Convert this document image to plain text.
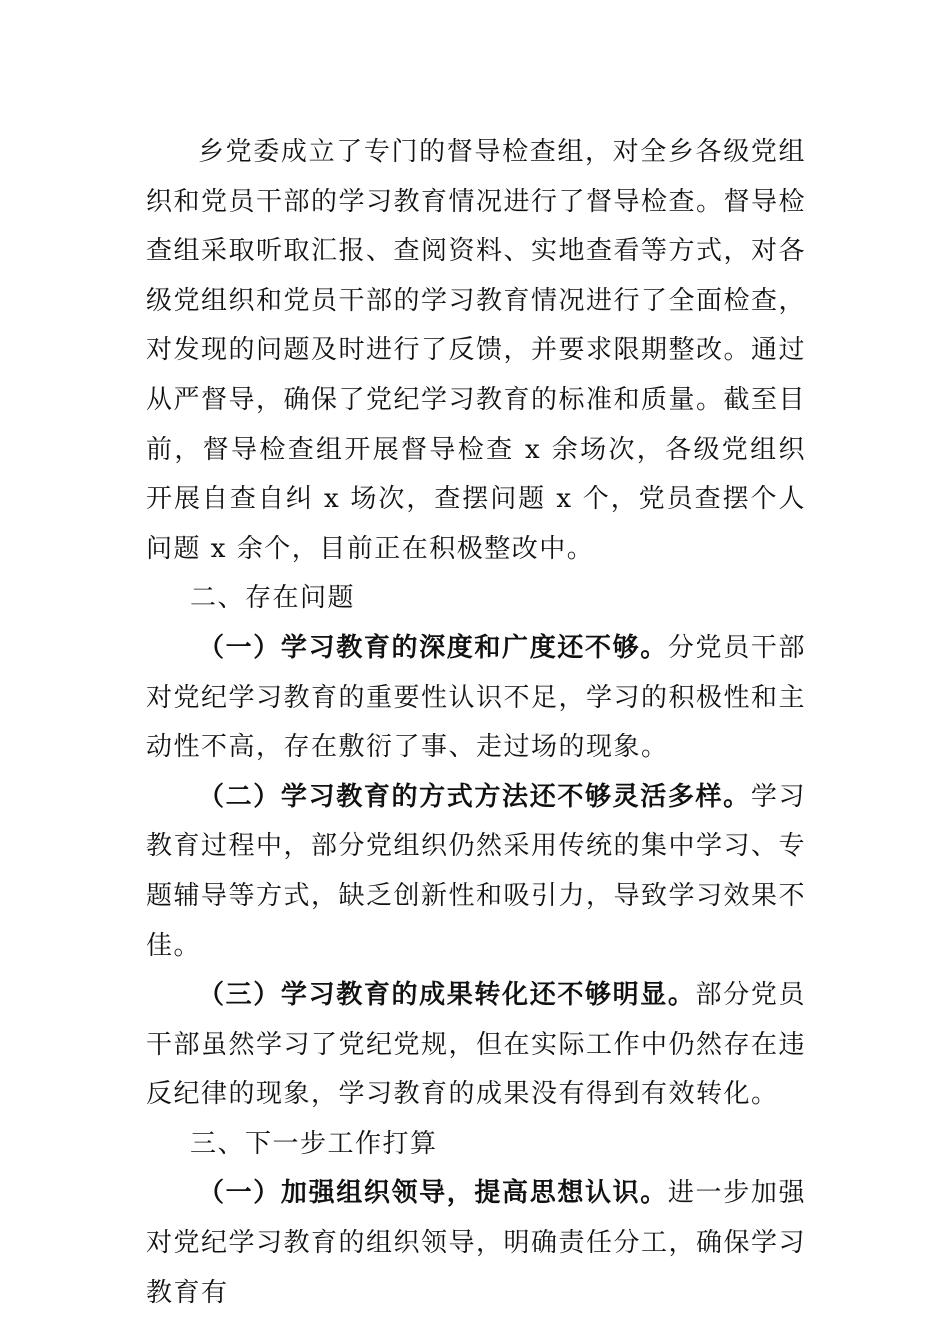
乡党委成立了专门的督导检查组，对全乡各级党组织和党员干部的学习教育情况进行了督导检查。督导检查组采取听取汇报、查阅资料、实地查看等方式，对各级党组织和党员干部的学习教育情况进行了全面检查，对发现的问题及时进行了反馈，并要求限期整改。通过从严督导，确保了党纪学习教育的标准和质量。截至目前，督导检查组开展督导检查 x 余场次，各级党组织开展自查自纠 x 场次，查摆问题 x 个，党员查摆个人问题 x 余个，目前正在积极整改中。

二、存在问题

（一）学习教育的深度和广度还不够。分党员干部对党纪学习教育的重要性认识不足，学习的积极性和主动性不高，存在敷衍了事、走过场的现象。

（二）学习教育的方式方法还不够灵活多样。学习教育过程中，部分党组织仍然采用传统的集中学习、专题辅导等方式，缺乏创新性和吸引力，导致学习效果不佳。

（三）学习教育的成果转化还不够明显。部分党员干部虽然学习了党纪党规，但在实际工作中仍然存在违反纪律的现象，学习教育的成果没有得到有效转化。

三、下一步工作打算

（一）加强组织领导，提高思想认识。进一步加强对党纪学习教育的组织领导，明确责任分工，确保学习教育有
